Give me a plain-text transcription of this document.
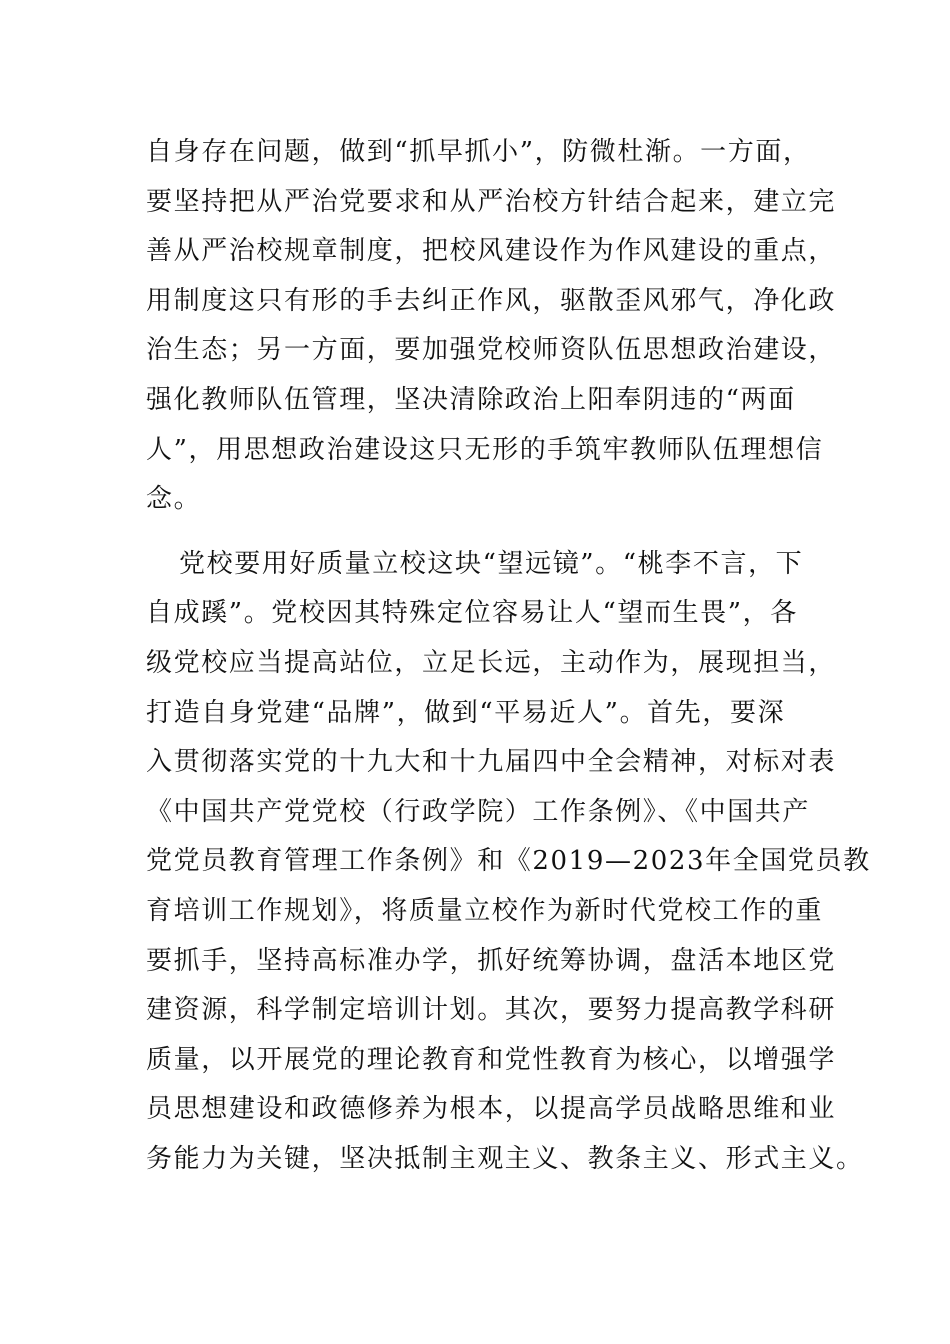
自身存在问题，做到“抓早抓小”，防微杜渐。一方面，
要坚持把从严治党要求和从严治校方针结合起来，建立完
善从严治校规章制度，把校风建设作为作风建设的重点，
用制度这只有形的手去纠正作风，驱散歪风邪气，净化政
治生态；另一方面，要加强党校师资队伍思想政治建设，
强化教师队伍管理，坚决清除政治上阳奉阴违的“两面
人”，用思想政治建设这只无形的手筑牢教师队伍理想信
念。
党校要用好质量立校这块“望远镜”。“桃李不言，下
自成蹊”。党校因其特殊定位容易让人“望而生畏”，各
级党校应当提高站位，立足长远，主动作为，展现担当，
打造自身党建“品牌”，做到“平易近人”。首先，要深
入贯彻落实党的十九大和十九届四中全会精神，对标对表
《中国共产党党校（行政学院）工作条例》、《中国共产
党党员教育管理工作条例》和《2019—2023年全国党员教
育培训工作规划》，将质量立校作为新时代党校工作的重
要抓手，坚持高标准办学，抓好统筹协调，盘活本地区党
建资源，科学制定培训计划。其次，要努力提高教学科研
质量，以开展党的理论教育和党性教育为核心，以增强学
员思想建设和政德修养为根本，以提高学员战略思维和业
务能力为关键，坚决抵制主观主义、教条主义、形式主义。
